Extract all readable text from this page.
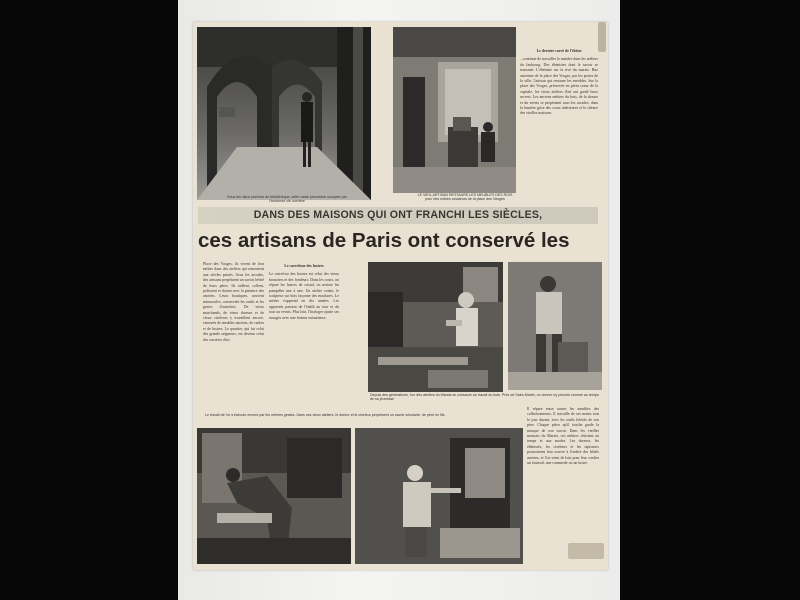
Sous les vieux porches de bibliothèque, cette vaste pénombre occupée par l'ancienne vie ouvrière
LE VIEIL ARTISAN RESTAURE LES MEUBLES DES ROIS pour des nobles amateurs de la place des Vosges
Le dernier carré de l'ébène

...continue de travailler la matière dans les ateliers du faubourg. Des ébénistes dont le savoir se transmet. L'ébéniste sur la rive du marais. Rue ancienne de la place des Vosges, par les portes de la ville, l'artisan qui restaure les meubles. Sur la place des Vosges, préservée en plein coeur de la capitale, les vieux ateliers d'art ont gardé leurs secrets. Les anciens métiers du bois, de la dorure et du vernis se perpétuent sous les arcades, dans la lumière grise des cours intérieures et le silence des vieilles maisons.

DANS DES MAISONS QUI ONT FRANCHI LES SIÈCLES,
ces artisans de Paris ont conservé les

Place des Vosges, ils vivent de leur métier dans des ateliers qui remontent aux siècles passés. Sous les arcades, des artisans perpétuent un savoir hérité de leurs pères. Ils taillent, collent, polissent et dorent avec la patience des anciens. Leurs boutiques, souvent minuscules, conservent les outils et les gestes d'autrefois. De vieux marchands, de vieux doreurs et de vieux ciseleurs y travaillent encore, entourés de meubles anciens, de cadres et de lustres. Le quartier, qui fut celui des grands seigneurs, est devenu celui des ouvriers d'art.

Le carrefour des lustres

Le carrefour des lustres est celui des vieux bronziers et des fondeurs. Dans les cours, on répare les lustres de cristal, on nettoie les pampilles une à une. Un atelier voisin, le sculpteur sur bois façonne des moulures. Le métier s'apprend en dix années. Les apprentis passent de l'établi au tour et du tour au vernis. Plus loin, l'horloger ajuste ses rouages avec une lenteur minutieuse.

Depuis des générations, l'un des ateliers du Marais se consacre au travail du bois. Près de Saint-Martin, un doreur s'y penche comme au temps de sa jeunesse
Le travail de l'or s'exécute encore par les mêmes gestes. Dans ces vieux ateliers, le doreur et le ciseleur perpétuent un savoir séculaire, de père en fils.

Il répare entre autres les meubles des collectionneurs. Il travaille de ses mains tout le jour durant, avec les outils hérités de son père. Chaque pièce qu'il touche garde la marque de son savoir. Dans les vieilles maisons du Marais, ces métiers résistent au temps et aux modes. Les doreurs, les ébénistes, les ciseleurs et les tapissiers poursuivent leur oeuvre à l'ombre des hôtels anciens, et l'on vient de loin pour leur confier un fauteuil, une commode ou un lustre.
